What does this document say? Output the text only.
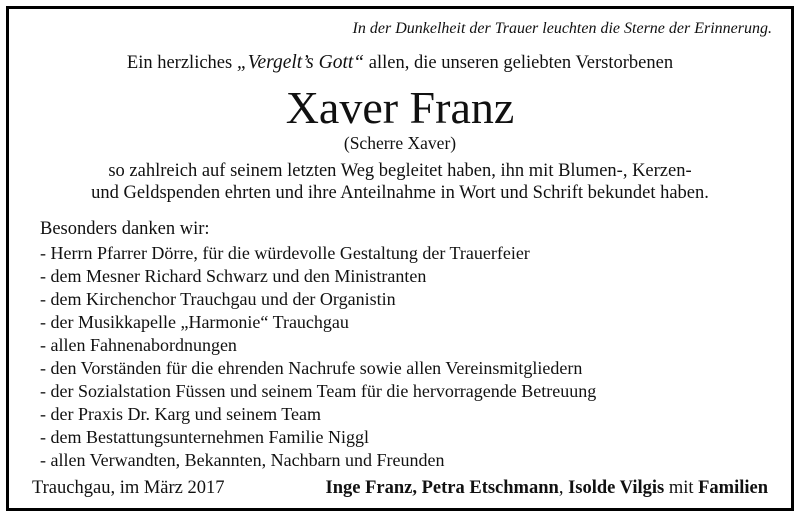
In der Dunkelheit der Trauer leuchten die Sterne der Erinnerung.
Ein herzliches „Vergelt’s Gott“ allen, die unseren geliebten Verstorbenen
Xaver Franz
(Scherre Xaver)
so zahlreich auf seinem letzten Weg begleitet haben, ihn mit Blumen-, Kerzen-
und Geldspenden ehrten und ihre Anteilnahme in Wort und Schrift bekundet haben.
Besonders danken wir:
- Herrn Pfarrer Dörre, für die würdevolle Gestaltung der Trauerfeier
- dem Mesner Richard Schwarz und den Ministranten
- dem Kirchenchor Trauchgau und der Organistin
- der Musikkapelle „Harmonie“ Trauchgau
- allen Fahnenabordnungen
- den Vorständen für die ehrenden Nachrufe sowie allen Vereinsmitgliedern
- der Sozialstation Füssen und seinem Team für die hervorragende Betreuung
- der Praxis Dr. Karg und seinem Team
- dem Bestattungsunternehmen Familie Niggl
- allen Verwandten, Bekannten, Nachbarn und Freunden
Trauchgau, im März 2017	Inge Franz, Petra Etschmann, Isolde Vilgis mit Familien
